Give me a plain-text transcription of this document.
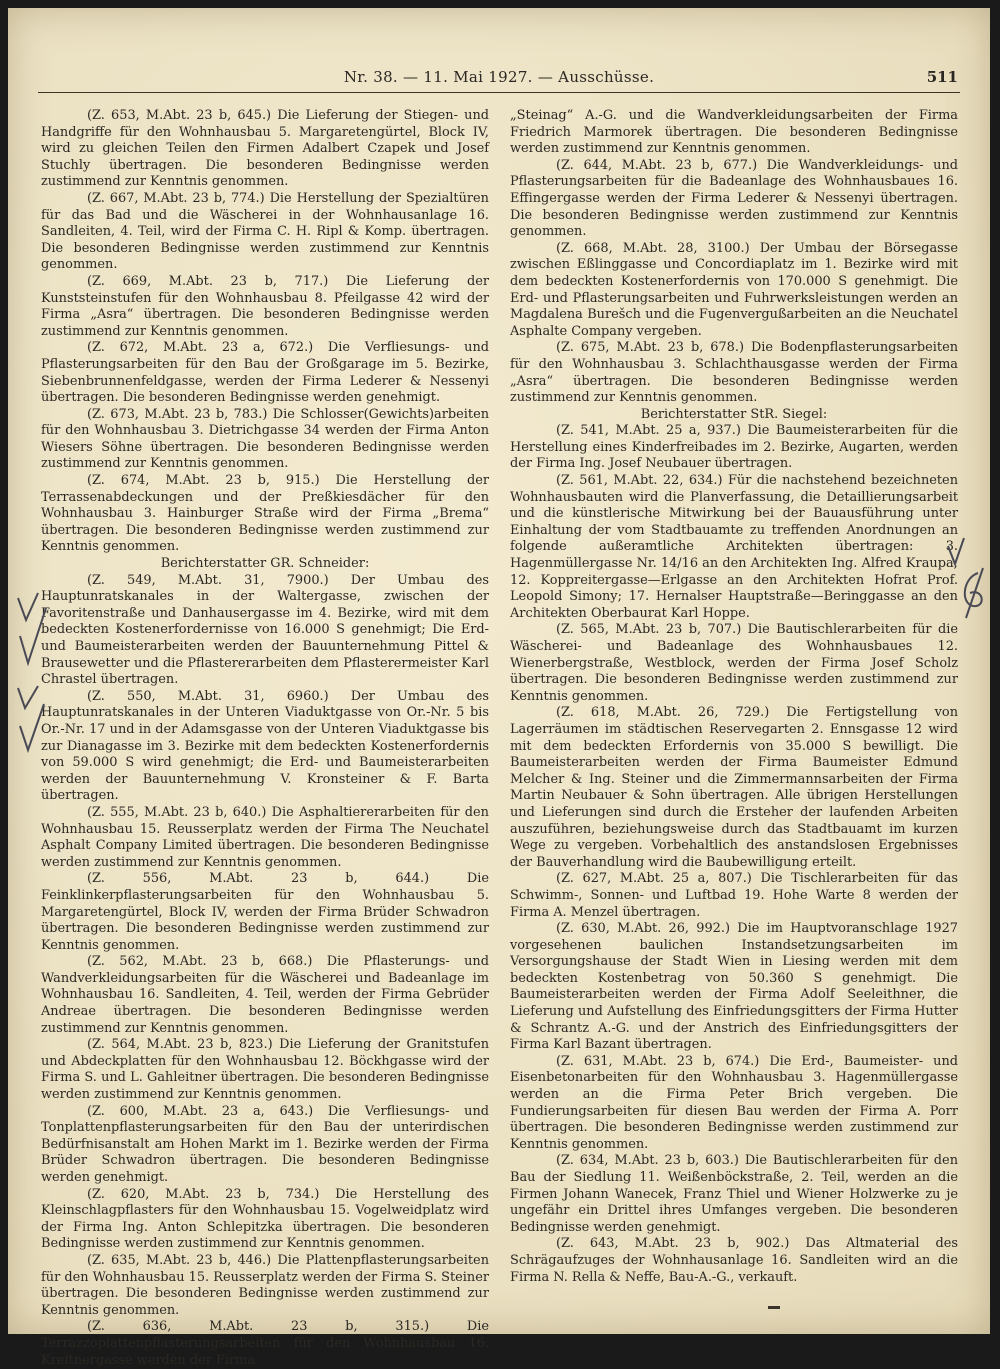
Nr. 38. — 11. Mai 1927. — Ausschüsse.	511

(Z. 653, M.Abt. 23 b, 645.) Die Lieferung der Stiegen- und Handgriffe für den Wohnhausbau 5. Margaretengürtel, Block IV, wird zu gleichen Teilen den Firmen Adalbert Czapek und Josef Stuchly übertragen. Die besonderen Bedingnisse werden zustimmend zur Kenntnis genommen.

(Z. 667, M.Abt. 23 b, 774.) Die Herstellung der Spezialtüren für das Bad und die Wäscherei in der Wohnhausanlage 16. Sandleiten, 4. Teil, wird der Firma C. H. Ripl & Komp. übertragen. Die besonderen Bedingnisse werden zustimmend zur Kenntnis genommen.

(Z. 669, M.Abt. 23 b, 717.) Die Lieferung der Kunststeinstufen für den Wohnhausbau 8. Pfeilgasse 42 wird der Firma „Asra“ übertragen. Die besonderen Bedingnisse werden zustimmend zur Kenntnis genommen.

(Z. 672, M.Abt. 23 a, 672.) Die Verfliesungs- und Pflasterungsarbeiten für den Bau der Großgarage im 5. Bezirke, Siebenbrunnenfeldgasse, werden der Firma Lederer & Nessenyi übertragen. Die besonderen Bedingnisse werden genehmigt.

(Z. 673, M.Abt. 23 b, 783.) Die Schlosser(Gewichts)arbeiten für den Wohnhausbau 3. Dietrichgasse 34 werden der Firma Anton Wiesers Söhne übertragen. Die besonderen Bedingnisse werden zustimmend zur Kenntnis genommen.

(Z. 674, M.Abt. 23 b, 915.) Die Herstellung der Terrassenabdeckungen und der Preßkiesdächer für den Wohnhausbau 3. Hainburger Straße wird der Firma „Brema“ übertragen. Die besonderen Bedingnisse werden zustimmend zur Kenntnis genommen.

Berichterstatter GR. Schneider:

(Z. 549, M.Abt. 31, 7900.) Der Umbau des Hauptunratskanales in der Waltergasse, zwischen der Favoritenstraße und Danhausergasse im 4. Bezirke, wird mit dem bedeckten Kostenerfordernisse von 16.000 S genehmigt; Die Erd- und Baumeisterarbeiten werden der Bauunternehmung Pittel & Brausewetter und die Pflastererarbeiten dem Pflasterermeister Karl Chrastel übertragen.

(Z. 550, M.Abt. 31, 6960.) Der Umbau des Hauptunratskanales in der Unteren Viaduktgasse von Or.-Nr. 5 bis Or.-Nr. 17 und in der Adamsgasse von der Unteren Viaduktgasse bis zur Dianagasse im 3. Bezirke mit dem bedeckten Kostenerfordernis von 59.000 S wird genehmigt; die Erd- und Baumeisterarbeiten werden der Bauunternehmung V. Kronsteiner & F. Barta übertragen.

(Z. 555, M.Abt. 23 b, 640.) Die Asphaltiererarbeiten für den Wohnhausbau 15. Reusserplatz werden der Firma The Neuchatel Asphalt Company Limited übertragen. Die besonderen Bedingnisse werden zustimmend zur Kenntnis genommen.

(Z. 556, M.Abt. 23 b, 644.) Die Feinklinkerpflasterungsarbeiten für den Wohnhausbau 5. Margaretengürtel, Block IV, werden der Firma Brüder Schwadron übertragen. Die besonderen Bedingnisse werden zustimmend zur Kenntnis genommen.

(Z. 562, M.Abt. 23 b, 668.) Die Pflasterungs- und Wandverkleidungsarbeiten für die Wäscherei und Badeanlage im Wohnhausbau 16. Sandleiten, 4. Teil, werden der Firma Gebrüder Andreae übertragen. Die besonderen Bedingnisse werden zustimmend zur Kenntnis genommen.

(Z. 564, M.Abt. 23 b, 823.) Die Lieferung der Granitstufen und Abdeckplatten für den Wohnhausbau 12. Böckhgasse wird der Firma S. und L. Gahleitner übertragen. Die besonderen Bedingnisse werden zustimmend zur Kenntnis genommen.

(Z. 600, M.Abt. 23 a, 643.) Die Verfliesungs- und Tonplattenpflasterungsarbeiten für den Bau der unterirdischen Bedürfnisanstalt am Hohen Markt im 1. Bezirke werden der Firma Brüder Schwadron übertragen. Die besonderen Bedingnisse werden genehmigt.

(Z. 620, M.Abt. 23 b, 734.) Die Herstellung des Kleinschlagpflasters für den Wohnhausbau 15. Vogelweidplatz wird der Firma Ing. Anton Schlepitzka übertragen. Die besonderen Bedingnisse werden zustimmend zur Kenntnis genommen.

(Z. 635, M.Abt. 23 b, 446.) Die Plattenpflasterungsarbeiten für den Wohnhausbau 15. Reusserplatz werden der Firma S. Steiner übertragen. Die besonderen Bedingnisse werden zustimmend zur Kenntnis genommen.

(Z. 636, M.Abt. 23 b, 315.) Die Terrazzoplattenpflasterungsarbeiten für den Wohnhausbau 16. Kreitnergasse werden der Firma

„Steinag“ A.-G. und die Wandverkleidungsarbeiten der Firma Friedrich Marmorek übertragen. Die besonderen Bedingnisse werden zustimmend zur Kenntnis genommen.

(Z. 644, M.Abt. 23 b, 677.) Die Wandverkleidungs- und Pflasterungsarbeiten für die Badeanlage des Wohnhausbaues 16. Effingergasse werden der Firma Lederer & Nessenyi übertragen. Die besonderen Bedingnisse werden zustimmend zur Kenntnis genommen.

(Z. 668, M.Abt. 28, 3100.) Der Umbau der Börsegasse zwischen Eßlinggasse und Concordiaplatz im 1. Bezirke wird mit dem bedeckten Kostenerfordernis von 170.000 S genehmigt. Die Erd- und Pflasterungsarbeiten und Fuhrwerksleistungen werden an Magdalena Burešch und die Fugenvergußarbeiten an die Neuchatel Asphalte Company vergeben.

(Z. 675, M.Abt. 23 b, 678.) Die Bodenpflasterungsarbeiten für den Wohnhausbau 3. Schlachthausgasse werden der Firma „Asra“ übertragen. Die besonderen Bedingnisse werden zustimmend zur Kenntnis genommen.

Berichterstatter StR. Siegel:

(Z. 541, M.Abt. 25 a, 937.) Die Baumeisterarbeiten für die Herstellung eines Kinderfreibades im 2. Bezirke, Augarten, werden der Firma Ing. Josef Neubauer übertragen.

(Z. 561, M.Abt. 22, 634.) Für die nachstehend bezeichneten Wohnhausbauten wird die Planverfassung, die Detaillierungsarbeit und die künstlerische Mitwirkung bei der Bauausführung unter Einhaltung der vom Stadtbauamte zu treffenden Anordnungen an folgende außeramtliche Architekten übertragen: 3. Hagenmüllergasse Nr. 14/16 an den Architekten Ing. Alfred Kraupa; 12. Koppreitergasse—Erlgasse an den Architekten Hofrat Prof. Leopold Simony; 17. Hernalser Hauptstraße—Beringgasse an den Architekten Oberbaurat Karl Hoppe.

(Z. 565, M.Abt. 23 b, 707.) Die Bautischlerarbeiten für die Wäscherei- und Badeanlage des Wohnhausbaues 12. Wienerbergstraße, Westblock, werden der Firma Josef Scholz übertragen. Die besonderen Bedingnisse werden zustimmend zur Kenntnis genommen.

(Z. 618, M.Abt. 26, 729.) Die Fertigstellung von Lagerräumen im städtischen Reservegarten 2. Ennsgasse 12 wird mit dem bedeckten Erfordernis von 35.000 S bewilligt. Die Baumeisterarbeiten werden der Firma Baumeister Edmund Melcher & Ing. Steiner und die Zimmermannsarbeiten der Firma Martin Neubauer & Sohn übertragen. Alle übrigen Herstellungen und Lieferungen sind durch die Ersteher der laufenden Arbeiten auszuführen, beziehungsweise durch das Stadtbauamt im kurzen Wege zu vergeben. Vorbehaltlich des anstandslosen Ergebnisses der Bauverhandlung wird die Baubewilligung erteilt.

(Z. 627, M.Abt. 25 a, 807.) Die Tischlerarbeiten für das Schwimm-, Sonnen- und Luftbad 19. Hohe Warte 8 werden der Firma A. Menzel übertragen.

(Z. 630, M.Abt. 26, 992.) Die im Hauptvoranschlage 1927 vorgesehenen baulichen Instandsetzungsarbeiten im Versorgungshause der Stadt Wien in Liesing werden mit dem bedeckten Kostenbetrag von 50.360 S genehmigt. Die Baumeisterarbeiten werden der Firma Adolf Seeleithner, die Lieferung und Aufstellung des Einfriedungsgitters der Firma Hutter & Schrantz A.-G. und der Anstrich des Einfriedungsgitters der Firma Karl Bazant übertragen.

(Z. 631, M.Abt. 23 b, 674.) Die Erd-, Baumeister- und Eisenbetonarbeiten für den Wohnhausbau 3. Hagenmüllergasse werden an die Firma Peter Brich vergeben. Die Fundierungsarbeiten für diesen Bau werden der Firma A. Porr übertragen. Die besonderen Bedingnisse werden zustimmend zur Kenntnis genommen.

(Z. 634, M.Abt. 23 b, 603.) Die Bautischlerarbeiten für den Bau der Siedlung 11. Weißenböckstraße, 2. Teil, werden an die Firmen Johann Wanecek, Franz Thiel und Wiener Holzwerke zu je ungefähr ein Drittel ihres Umfanges vergeben. Die besonderen Bedingnisse werden genehmigt.

(Z. 643, M.Abt. 23 b, 902.) Das Altmaterial des Schrägaufzuges der Wohnhausanlage 16. Sandleiten wird an die Firma N. Rella & Neffe, Bau-A.-G., verkauft.
